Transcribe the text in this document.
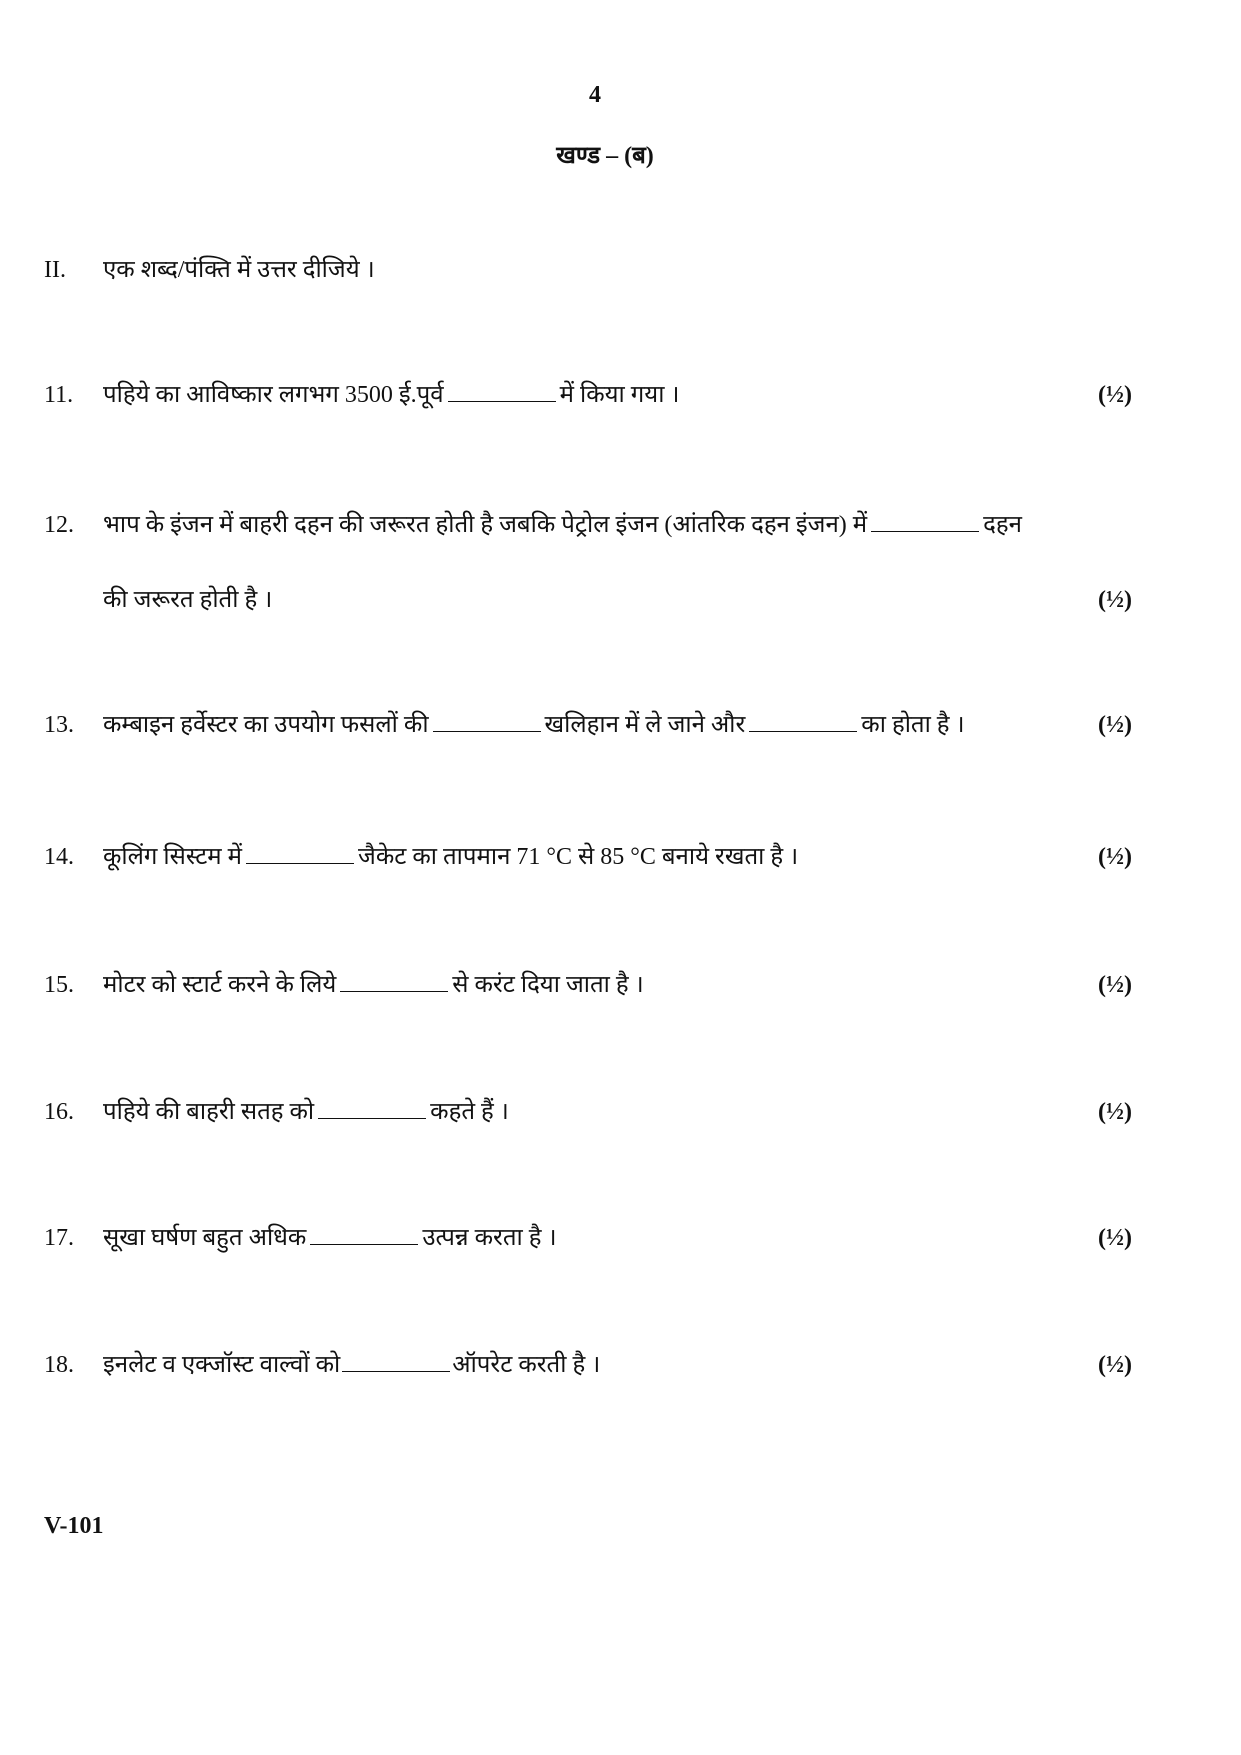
4
खण्ड – (ब)
II. एक शब्द/पंक्ति में उत्तर दीजिये ।
11. पहिये का आविष्कार लगभग 3500 ई.पूर्व	में किया गया ।	(½)
12. भाप के इंजन में बाहरी दहन की जरूरत होती है जबकि पेट्रोल इंजन (आंतरिक दहन इंजन) में	दहन
की जरूरत होती है ।	(½)
13. कम्बाइन हर्वेस्टर का उपयोग फसलों की	खलिहान में ले जाने और	का होता है ।	(½)
14. कूलिंग सिस्टम में	जैकेट का तापमान 71 °C से 85 °C बनाये रखता है ।	(½)
15. मोटर को स्टार्ट करने के लिये	से करंट दिया जाता है ।	(½)
16. पहिये की बाहरी सतह को	कहते हैं ।	(½)
17. सूखा घर्षण बहुत अधिक	उत्पन्न करता है ।	(½)
18. इनलेट व एक्जॉस्ट वाल्वों को	ऑपरेट करती है ।	(½)
V-101
